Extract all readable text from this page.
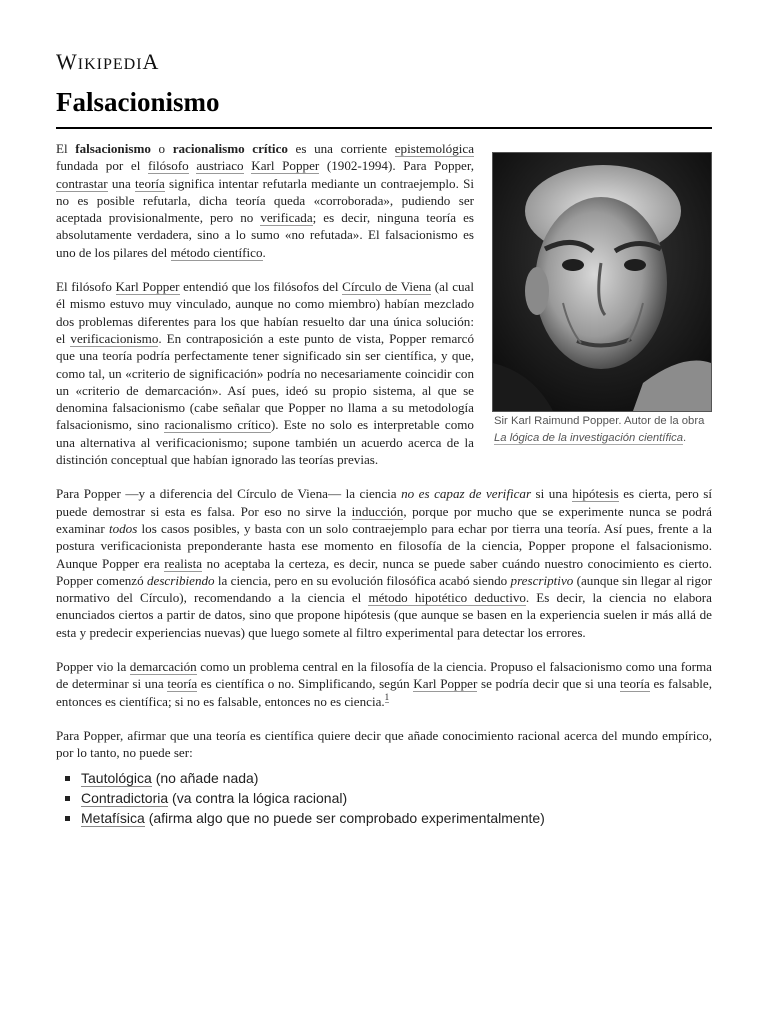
WIKIPEDIA
Falsacionismo
Sir Karl Raimund Popper. Autor de la obra La lógica de la investigación científica.

El falsacionismo o racionalismo crítico es una corriente epistemológica fundada por el filósofo austriaco Karl Popper (1902-1994). Para Popper, contrastar una teoría significa intentar refutarla mediante un contraejemplo. Si no es posible refutarla, dicha teoría queda «corroborada», pudiendo ser aceptada provisionalmente, pero no verificada; es decir, ninguna teoría es absolutamente verdadera, sino a lo sumo «no refutada». El falsacionismo es uno de los pilares del método científico.

El filósofo Karl Popper entendió que los filósofos del Círculo de Viena (al cual él mismo estuvo muy vinculado, aunque no como miembro) habían mezclado dos problemas diferentes para los que habían resuelto dar una única solución: el verificacionismo. En contraposición a este punto de vista, Popper remarcó que una teoría podría perfectamente tener significado sin ser científica, y que, como tal, un «criterio de significación» podría no necesariamente coincidir con un «criterio de demarcación». Así pues, ideó su propio sistema, al que se denomina falsacionismo (cabe señalar que Popper no llama a su metodología falsacionismo, sino racionalismo crítico). Este no solo es interpretable como una alternativa al verificacionismo; supone también un acuerdo acerca de la distinción conceptual que habían ignorado las teorías previas.

Para Popper —y a diferencia del Círculo de Viena— la ciencia no es capaz de verificar si una hipótesis es cierta, pero sí puede demostrar si esta es falsa. Por eso no sirve la inducción, porque por mucho que se experimente nunca se podrá examinar todos los casos posibles, y basta con un solo contraejemplo para echar por tierra una teoría. Así pues, frente a la postura verificacionista preponderante hasta ese momento en filosofía de la ciencia, Popper propone el falsacionismo. Aunque Popper era realista no aceptaba la certeza, es decir, nunca se puede saber cuándo nuestro conocimiento es cierto. Popper comenzó describiendo la ciencia, pero en su evolución filosófica acabó siendo prescriptivo (aunque sin llegar al rigor normativo del Círculo), recomendando a la ciencia el método hipotético deductivo. Es decir, la ciencia no elabora enunciados ciertos a partir de datos, sino que propone hipótesis (que aunque se basen en la experiencia suelen ir más allá de esta y predecir experiencias nuevas) que luego somete al filtro experimental para detectar los errores.

Popper vio la demarcación como un problema central en la filosofía de la ciencia. Propuso el falsacionismo como una forma de determinar si una teoría es científica o no. Simplificando, según Karl Popper se podría decir que si una teoría es falsable, entonces es científica; si no es falsable, entonces no es ciencia.$^1$

Para Popper, afirmar que una teoría es científica quiere decir que añade conocimiento racional acerca del mundo empírico, por lo tanto, no puede ser:

Tautológica (no añade nada)
Contradictoria (va contra la lógica racional)
Metafísica (afirma algo que no puede ser comprobado experimentalmente)
